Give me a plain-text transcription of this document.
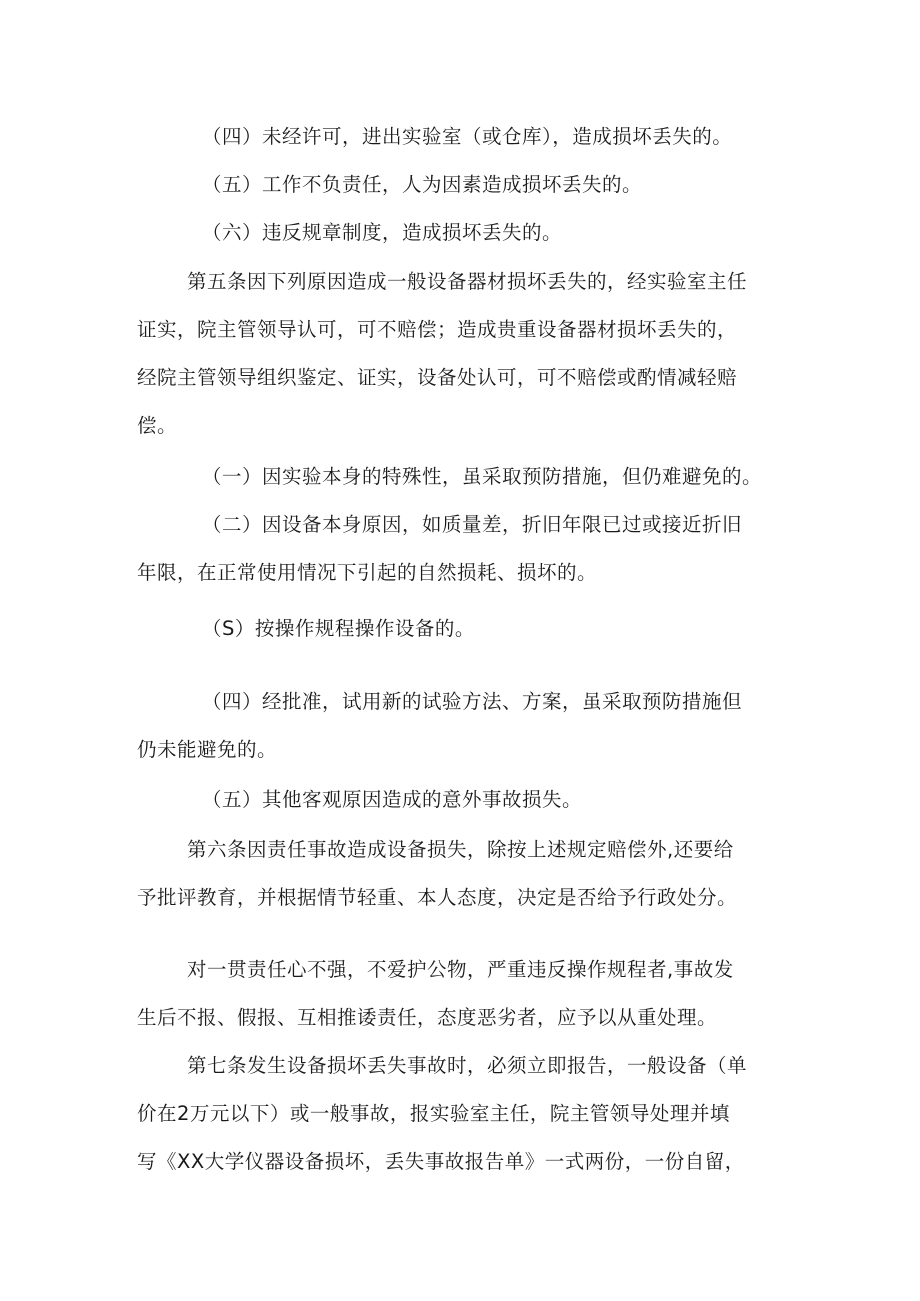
（四）未经许可，进出实验室（或仓库），造成损坏丢失的。
（五）工作不负责任，人为因素造成损坏丢失的。
（六）违反规章制度，造成损坏丢失的。
第五条因下列原因造成一般设备器材损坏丢失的，经实验室主任
证实，院主管领导认可，可不赔偿；造成贵重设备器材损坏丢失的，
经院主管领导组织鉴定、证实，设备处认可，可不赔偿或酌情减轻赔
偿。
（一）因实验本身的特殊性，虽采取预防措施，但仍难避免的。
（二）因设备本身原因，如质量差，折旧年限已过或接近折旧
年限，在正常使用情况下引起的自然损耗、损坏的。
（S）按操作规程操作设备的。
（四）经批准，试用新的试验方法、方案，虽采取预防措施但
仍未能避免的。
（五）其他客观原因造成的意外事故损失。
第六条因责任事故造成设备损失，除按上述规定赔偿外,还要给
予批评教育，并根据情节轻重、本人态度，决定是否给予行政处分。
对一贯责任心不强，不爱护公物，严重违反操作规程者,事故发
生后不报、假报、互相推诿责任，态度恶劣者，应予以从重处理。
第七条发生设备损坏丢失事故时，必须立即报告，一般设备（单
价在2万元以下）或一般事故，报实验室主任，院主管领导处理并填
写《XX大学仪器设备损坏，丢失事故报告单》一式两份，一份自留，
